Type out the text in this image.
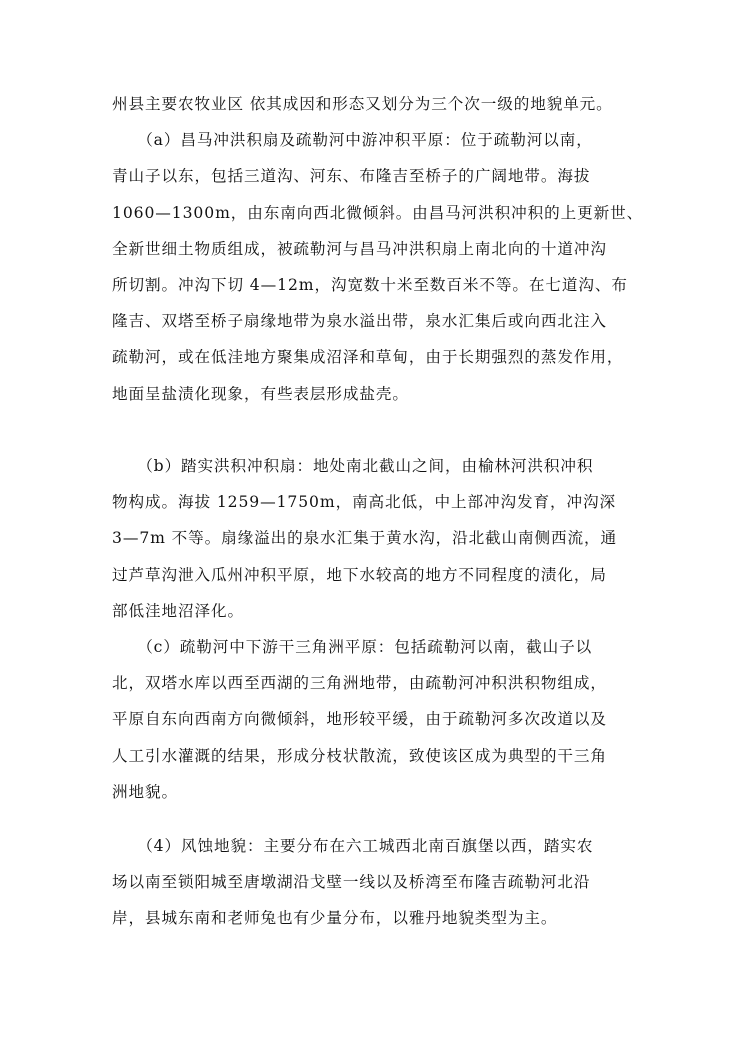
州县主要农牧业区 依其成因和形态又划分为三个次一级的地貌单元。
　　（a）昌马冲洪积扇及疏勒河中游冲积平原：位于疏勒河以南，
青山子以东，包括三道沟、河东、布隆吉至桥子的广阔地带。海拔
1060—1300m，由东南向西北微倾斜。由昌马河洪积冲积的上更新世、
全新世细土物质组成，被疏勒河与昌马冲洪积扇上南北向的十道冲沟
所切割。冲沟下切 4—12m，沟宽数十米至数百米不等。在七道沟、布
隆吉、双塔至桥子扇缘地带为泉水溢出带，泉水汇集后或向西北注入
疏勒河，或在低洼地方聚集成沼泽和草甸，由于长期强烈的蒸发作用，
地面呈盐渍化现象，有些表层形成盐壳。
　　（b）踏实洪积冲积扇：地处南北截山之间，由榆林河洪积冲积
物构成。海拔 1259—1750m，南高北低，中上部冲沟发育，冲沟深
3—7m 不等。扇缘溢出的泉水汇集于黄水沟，沿北截山南侧西流，通
过芦草沟泄入瓜州冲积平原，地下水较高的地方不同程度的渍化，局
部低洼地沼泽化。
　　（c）疏勒河中下游干三角洲平原：包括疏勒河以南，截山子以
北，双塔水库以西至西湖的三角洲地带，由疏勒河冲积洪积物组成，
平原自东向西南方向微倾斜，地形较平缓，由于疏勒河多次改道以及
人工引水灌溉的结果，形成分枝状散流，致使该区成为典型的干三角
洲地貌。
　　（4）风蚀地貌：主要分布在六工城西北南百旗堡以西，踏实农
场以南至锁阳城至唐墩湖沿戈壁一线以及桥湾至布隆吉疏勒河北沿
岸，县城东南和老师兔也有少量分布，以雅丹地貌类型为主。
